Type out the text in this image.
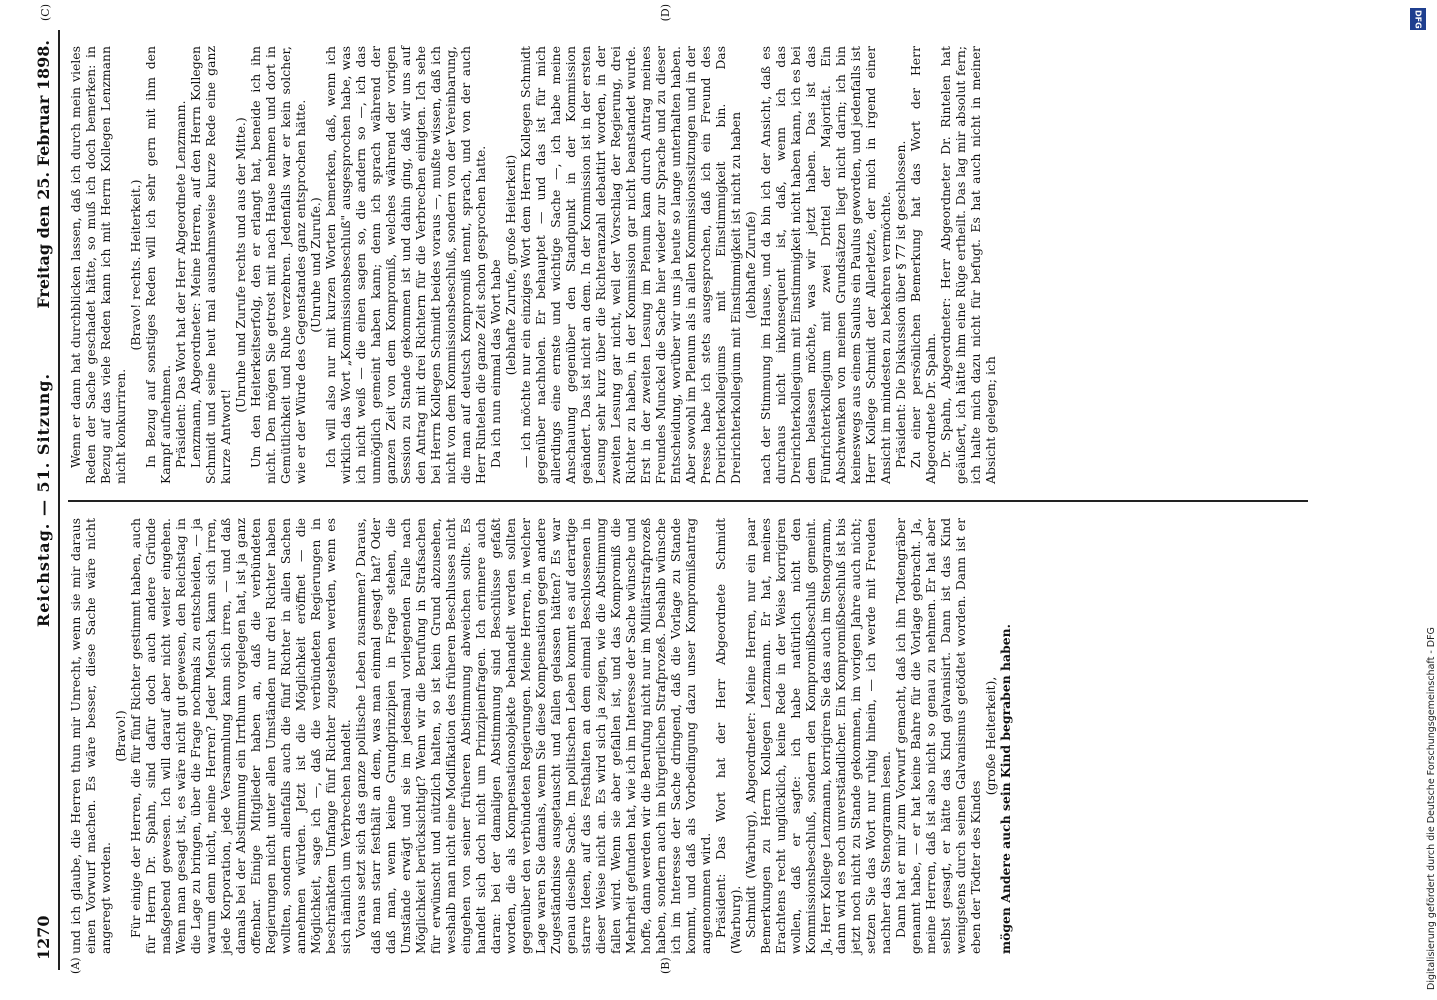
1270
Reichstag. — 51. Sitzung.
Freitag den 25. Februar 1898.
(A)	(B)

und ich glaube, die Herren thun mir Unrecht, wenn sie mir daraus einen Vorwurf machen. Es wäre besser, diese Sache wäre nicht angeregt worden.

(Bravo!) Für einige der Herren, die für fünf Richter gestimmt haben, auch für Herrn Dr. Spahn, sind dafür doch auch andere Gründe maßgebend gewesen. Ich will darauf aber nicht weiter eingehen. Wenn man gesagt ist, es wäre nicht gut gewesen, den Reichstag in die Lage zu bringen, über die Frage nochmals zu entscheiden, — ja warum denn nicht, meine Herren? Jeder Mensch kann sich irren, jede Korporation, jede Versammlung kann sich irren, — und daß damals bei der Abstimmung ein Irrthum vorgelegen hat, ist ja ganz offenbar. Einige Mitglieder haben an, daß die verbündeten Regierungen nicht unter allen Umständen nur drei Richter haben wollten, sondern allenfalls auch die fünf Richter in allen Sachen annehmen würden. Jetzt ist die Möglichkeit eröffnet — die Möglichkeit, sage ich —, daß die verbündeten Regierungen in beschränktem Umfange fünf Richter zugestehen werden, wenn es sich nämlich um Verbrechen handelt. Voraus setzt sich das ganze politische Leben zusammen? Daraus, daß man starr festhält an dem, was man einmal gesagt hat? Oder daß man, wenn keine Grundprinzipien in Frage stehen, die Umstände erwägt und sie im jedesmal vorliegenden Falle nach Möglichkeit berücksichtigt? Wenn wir die Berufung in Strafsachen für erwünscht und nützlich halten, so ist kein Grund abzusehen, weshalb man nicht eine Modifikation des früheren Beschlusses nicht eingehen von seiner früheren Abstimmung abweichen sollte. Es handelt sich doch nicht um Prinzipienfragen. Ich erinnere auch daran: bei der damaligen Abstimmung sind Beschlüsse gefaßt worden, die als Kompensationsobjekte behandelt werden sollten gegenüber den verbündeten Regierungen. Meine Herren, in welcher Lage waren Sie damals, wenn Sie diese Kompensation gegen andere Zugeständnisse ausgetauscht und fallen gelassen hätten? Es war genau dieselbe Sache. Im politischen Leben kommt es auf derartige starre Ideen, auf das Festhalten an dem einmal Beschlossenen in dieser Weise nicht an. Es wird sich ja zeigen, wie die Abstimmung fallen wird. Wenn sie aber gefallen ist, und das Kompromiß die Mehrheit gefunden hat, wie ich im Interesse der Sache wünsche und hoffe, dann werden wir die Berufung nicht nur im Militärstrafprozeß haben, sondern auch im bürgerlichen Strafprozeß. Deshalb wünsche ich im Interesse der Sache dringend, daß die Vorlage zu Stande kommt, und daß als Vorbedingung dazu unser Kompromißantrag angenommen wird. Präsident: Das Wort hat der Herr Abgeordnete Schmidt (Warburg). Schmidt (Warburg), Abgeordneter: Meine Herren, nur ein paar Bemerkungen zu Herrn Kollegen Lenzmann. Er hat, meines Erachtens recht unglücklich, keine Rede in der Weise korrigiren wollen, daß er sagte: ich habe natürlich nicht den Kommissionsbeschluß, sondern den Kompromißbeschluß gemeint. Ja, Herr Kollege Lenzmann, korrigiren Sie das auch im Stenogramm, dann wird es noch unverständlicher. Ein Kompromißbeschluß ist bis jetzt noch nicht zu Stande gekommen, im vorigen Jahre auch nicht; setzen Sie das Wort nur ruhig hinein, — ich werde mit Freuden nachher das Stenogramm lesen. Dann hat er mir zum Vorwurf gemacht, daß ich ihn Todtengräber genannt habe, — er hat keine Bahre für die Vorlage gebracht. Ja, meine Herren, daß ist also nicht so genau zu nehmen. Er hat aber selbst gesagt, er hätte das Kind galvanisirt. Dann ist das Kind wenigstens durch seinen Galvanismus getödtet worden. Dann ist er eben der Tödter des Kindes

(große Heiterkeit), mögen Andere auch sein Kind begraben haben.

(C)	(D)

Wenn er dann hat durchblicken lassen, daß ich durch mein vieles Reden der Sache geschadet hätte, so muß ich doch bemerken: in Bezug auf das viele Reden kann ich mit Herrn Kollegen Lenzmann nicht konkurriren.

(Bravo! rechts. Heiterkeit.) In Bezug auf sonstiges Reden will ich sehr gern mit ihm den Kampf aufnehmen. Präsident: Das Wort hat der Herr Abgeordnete Lenzmann. Lenzmann, Abgeordneter: Meine Herren, auf den Herrn Kollegen Schmidt und seine heut mal ausnahmsweise kurze Rede eine ganz kurze Antwort!

(Unruhe und Zurufe rechts und aus der Mitte.) Um den Heiterkeitserfolg, den er erlangt hat, beneide ich ihn nicht. Den mögen Sie getrost mit nach Hause nehmen und dort in Gemütlichkeit und Ruhe verzehren. Jedenfalls war er kein solcher, wie er der Würde des Gegenstandes ganz entsprochen hätte. (Unruhe und Zurufe.) Ich will also nur mit kurzen Worten bemerken, daß, wenn ich wirklich das Wort „Kommissionsbeschluß" ausgesprochen habe, was ich nicht weiß — die einen sagen so, die andern so —, ich das unmöglich gemeint haben kann; denn ich sprach während der ganzen Zeit von dem Kompromiß, welches während der vorigen Session zu Stande gekommen ist und dahin ging, daß wir uns auf den Antrag mit drei Richtern für die Verbrechen einigten. Ich sehe bei Herrn Kollegen Schmidt beides voraus —, mußte wissen, daß ich nicht von dem Kommissionsbeschluß, sondern von der Vereinbarung, die man auf deutsch Kompromiß nennt, sprach, und von der auch Herr Rintelen die ganze Zeit schon gesprochen hatte. Da ich nun einmal das Wort habe (lebhafte Zurufe, große Heiterkeit) — ich möchte nur ein einziges Wort dem Herrn Kollegen Schmidt gegenüber nachholen. Er behauptet — und das ist für mich allerdings eine ernste und wichtige Sache —, ich habe meine Anschauung gegenüber den Standpunkt in der Kommission geändert. Das ist nicht an dem. In der Kommission ist in der ersten Lesung sehr kurz über die Richteranzahl debattirt worden, in der zweiten Lesung gar nicht, weil der Vorschlag der Regierung, drei Richter zu haben, in der Kommission gar nicht beanstandet wurde. Erst in der zweiten Lesung im Plenum kam durch Antrag meines Freundes Munckel die Sache hier wieder zur Sprache und zu dieser Entscheidung, worüber wir uns ja heute so lange unterhalten haben. Aber sowohl im Plenum als in allen Kommissionssitzungen und in der Presse habe ich stets ausgesprochen, daß ich ein Freund des Dreirichterkollegiums mit Einstimmigkeit bin. Das Dreirichterkollegium mit Einstimmigkeit ist nicht zu haben (lebhafte Zurufe) nach der Stimmung im Hause, und da bin ich der Ansicht, daß es durchaus nicht inkonsequent ist, daß, wenn ich das Dreirichterkollegium mit Einstimmigkeit nicht haben kann, ich es bei dem belassen möchte, was wir jetzt haben. Das ist das Fünfrichterkollegium mit zwei Drittel der Majorität. Ein Abschwenken von meinen Grundsätzen liegt nicht darin; ich bin keineswegs aus einem Saulus ein Paulus geworden, und jedenfalls ist Herr Kollege Schmidt der Allerletzte, der mich in irgend einer Ansicht im mindesten zu bekehren vermöchte. Präsident: Die Diskussion über § 77 ist geschlossen. Zu einer persönlichen Bemerkung hat das Wort der Herr Abgeordnete Dr. Spahn. Dr. Spahn, Abgeordneter: Herr Abgeordneter Dr. Rintelen hat geäußert, ich hätte ihm eine Rüge ertheilt. Das lag mir absolut fern; ich halte mich dazu nicht für befugt. Es hat auch nicht in meiner Absicht gelegen; ich

DFG
Digitalisierung gefördert durch die Deutsche Forschungsgemeinschaft - DFG
